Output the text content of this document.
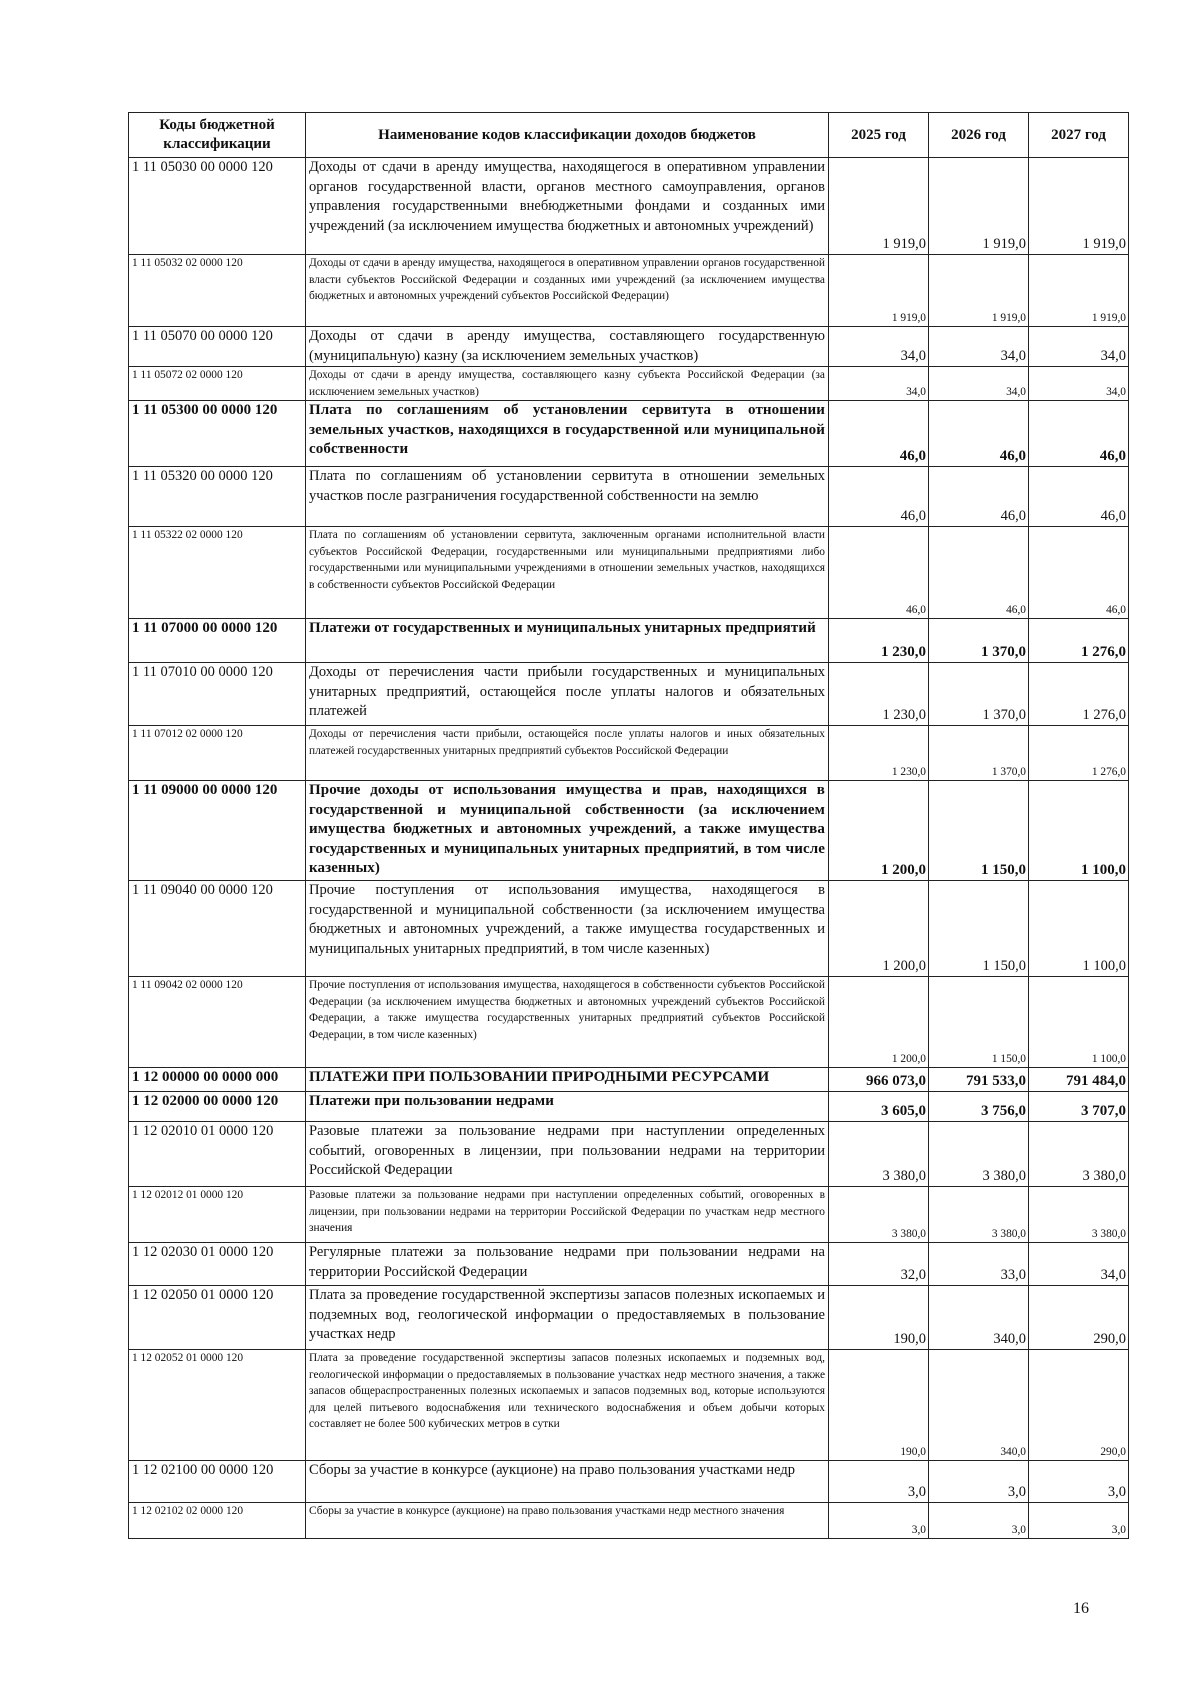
Коды бюджетной классификации	Наименование кодов классификации доходов бюджетов	2025 год	2026 год	2027 год
1 11 05030 00 0000 120	Доходы от сдачи в аренду имущества, находящегося в оперативном управлении органов государственной власти, органов местного самоуправления, органов управления государственными внебюджетными фондами и созданных ими учреждений (за исключением имущества бюджетных и автономных учреждений)	1 919,0	1 919,0	1 919,0
1 11 05032 02 0000 120	Доходы от сдачи в аренду имущества, находящегося в оперативном управлении органов государственной власти субъектов Российской Федерации и созданных ими учреждений (за исключением имущества бюджетных и автономных учреждений субъектов Российской Федерации)	1 919,0	1 919,0	1 919,0
1 11 05070 00 0000 120	Доходы от сдачи в аренду имущества, составляющего государственную (муниципальную) казну (за исключением земельных участков)	34,0	34,0	34,0
1 11 05072 02 0000 120	Доходы от сдачи в аренду имущества, составляющего казну субъекта Российской Федерации (за исключением земельных участков)	34,0	34,0	34,0
1 11 05300 00 0000 120	Плата по соглашениям об установлении сервитута в отношении земельных участков, находящихся в государственной или муниципальной собственности	46,0	46,0	46,0
1 11 05320 00 0000 120	Плата по соглашениям об установлении сервитута в отношении земельных участков после разграничения государственной собственности на землю	46,0	46,0	46,0
1 11 05322 02 0000 120	Плата по соглашениям об установлении сервитута, заключенным органами исполнительной власти субъектов Российской Федерации, государственными или муниципальными предприятиями либо государственными или муниципальными учреждениями в отношении земельных участков, находящихся в собственности субъектов Российской Федерации	46,0	46,0	46,0
1 11 07000 00 0000 120	Платежи от государственных и муниципальных унитарных предприятий	1 230,0	1 370,0	1 276,0
1 11 07010 00 0000 120	Доходы от перечисления части прибыли государственных и муниципальных унитарных предприятий, остающейся после уплаты налогов и обязательных платежей	1 230,0	1 370,0	1 276,0
1 11 07012 02 0000 120	Доходы от перечисления части прибыли, остающейся после уплаты налогов и иных обязательных платежей государственных унитарных предприятий субъектов Российской Федерации	1 230,0	1 370,0	1 276,0
1 11 09000 00 0000 120	Прочие доходы от использования имущества и прав, находящихся в государственной и муниципальной собственности (за исключением имущества бюджетных и автономных учреждений, а также имущества государственных и муниципальных унитарных предприятий, в том числе казенных)	1 200,0	1 150,0	1 100,0
1 11 09040 00 0000 120	Прочие поступления от использования имущества, находящегося в государственной и муниципальной собственности (за исключением имущества бюджетных и автономных учреждений, а также имущества государственных и муниципальных унитарных предприятий, в том числе казенных)	1 200,0	1 150,0	1 100,0
1 11 09042 02 0000 120	Прочие поступления от использования имущества, находящегося в собственности субъектов Российской Федерации (за исключением имущества бюджетных и автономных учреждений субъектов Российской Федерации, а также имущества государственных унитарных предприятий субъектов Российской Федерации, в том числе казенных)	1 200,0	1 150,0	1 100,0
1 12 00000 00 0000 000	ПЛАТЕЖИ ПРИ ПОЛЬЗОВАНИИ ПРИРОДНЫМИ РЕСУРСАМИ	966 073,0	791 533,0	791 484,0
1 12 02000 00 0000 120	Платежи при пользовании недрами	3 605,0	3 756,0	3 707,0
1 12 02010 01 0000 120	Разовые платежи за пользование недрами при наступлении определенных событий, оговоренных в лицензии, при пользовании недрами на территории Российской Федерации	3 380,0	3 380,0	3 380,0
1 12 02012 01 0000 120	Разовые платежи за пользование недрами при наступлении определенных событий, оговоренных в лицензии, при пользовании недрами на территории Российской Федерации по участкам недр местного значения	3 380,0	3 380,0	3 380,0
1 12 02030 01 0000 120	Регулярные платежи за пользование недрами при пользовании недрами на территории Российской Федерации	32,0	33,0	34,0
1 12 02050 01 0000 120	Плата за проведение государственной экспертизы запасов полезных ископаемых и подземных вод, геологической информации о предоставляемых в пользование участках недр	190,0	340,0	290,0
1 12 02052 01 0000 120	Плата за проведение государственной экспертизы запасов полезных ископаемых и подземных вод, геологической информации о предоставляемых в пользование участках недр местного значения, а также запасов общераспространенных полезных ископаемых и запасов подземных вод, которые используются для целей питьевого водоснабжения или технического водоснабжения и объем добычи которых составляет не более 500 кубических метров в сутки	190,0	340,0	290,0
1 12 02100 00 0000 120	Сборы за участие в конкурсе (аукционе) на право пользования участками недр	3,0	3,0	3,0
1 12 02102 02 0000 120	Сборы за участие в конкурсе (аукционе) на право пользования участками недр местного значения	3,0	3,0	3,0
16
